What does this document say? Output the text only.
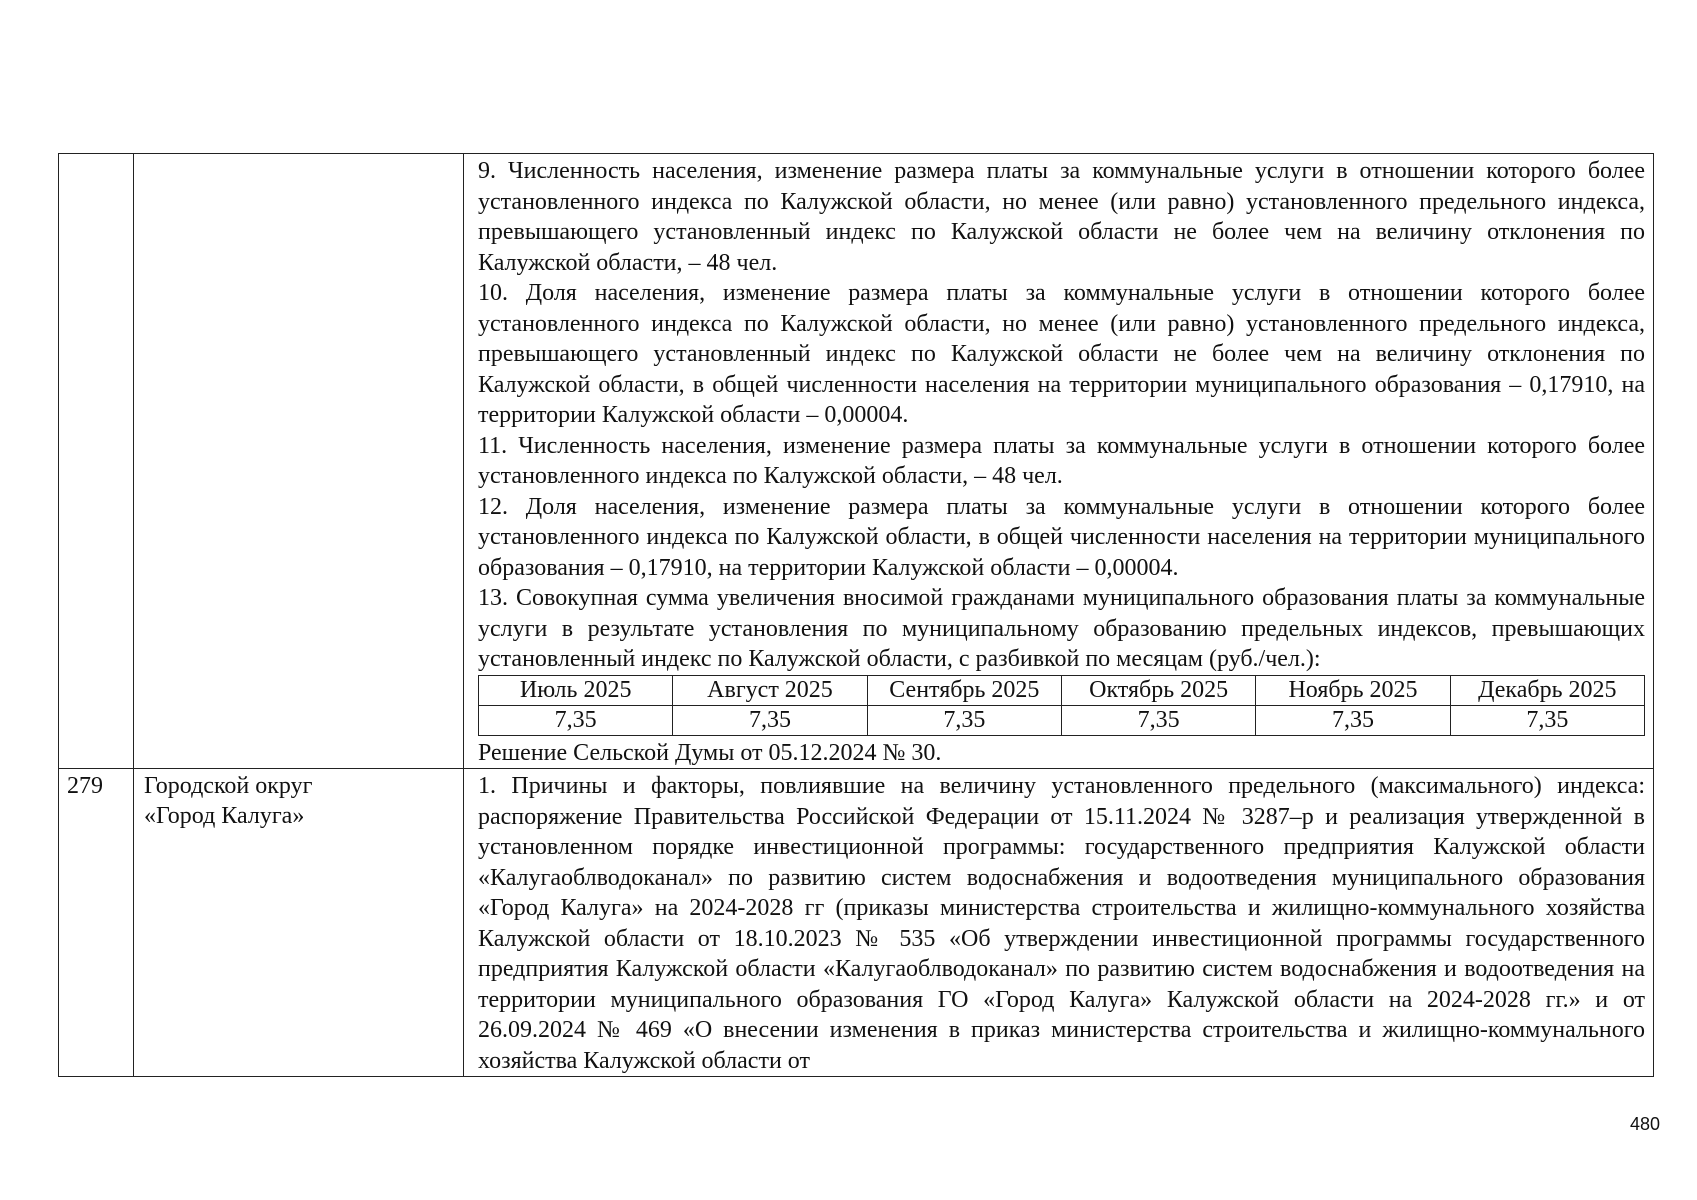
9. Численность населения, изменение размера платы за коммунальные услуги в отношении которого более установленного индекса по Калужской области, но менее (или равно) установленного предельного индекса, превышающего установленный индекс по Калужской области не более чем на величину отклонения по Калужской области, – 48 чел.

10. Доля населения, изменение размера платы за коммунальные услуги в отношении которого более установленного индекса по Калужской области, но менее (или равно) установленного предельного индекса, превышающего установленный индекс по Калужской области не более чем на величину отклонения по Калужской области, в общей численности населения на территории муниципального образования – 0,17910, на территории Калужской области – 0,00004.

11. Численность населения, изменение размера платы за коммунальные услуги в отношении которого более установленного индекса по Калужской области, – 48 чел.

12. Доля населения, изменение размера платы за коммунальные услуги в отношении которого более установленного индекса по Калужской области, в общей численности населения на территории муниципального образования – 0,17910, на территории Калужской области – 0,00004.

13. Совокупная сумма увеличения вносимой гражданами муниципального образования платы за коммунальные услуги в результате установления по муниципальному образованию предельных индексов, превышающих установленный индекс по Калужской области, с разбивкой по месяцам (руб./чел.):

Июль 2025	Август 2025	Сентябрь 2025	Октябрь 2025	Ноябрь 2025	Декабрь 2025
7,35	7,35	7,35	7,35	7,35	7,35

Решение Сельской Думы от 05.12.2024 № 30.

279	Городской округ
«Город Калуга»

1. Причины и факторы, повлиявшие на величину установленного предельного (максимального) индекса: распоряжение Правительства Российской Федерации от 15.11.2024 № 3287–р и реализация утвержденной в установленном порядке инвестиционной программы: государственного предприятия Калужской области «Калугаоблводоканал» по развитию систем водоснабжения и водоотведения муниципального образования «Город Калуга» на 2024-2028 гг (приказы министерства строительства и жилищно-коммунального хозяйства Калужской области от 18.10.2023 № 535 «Об утверждении инвестиционной программы государственного предприятия Калужской области «Калугаоблводоканал» по развитию систем водоснабжения и водоотведения на территории муниципального образования ГО «Город Калуга» Калужской области на 2024-2028 гг.» и от 26.09.2024 № 469 «О внесении изменения в приказ министерства строительства и жилищно-коммунального хозяйства Калужской области от

480
